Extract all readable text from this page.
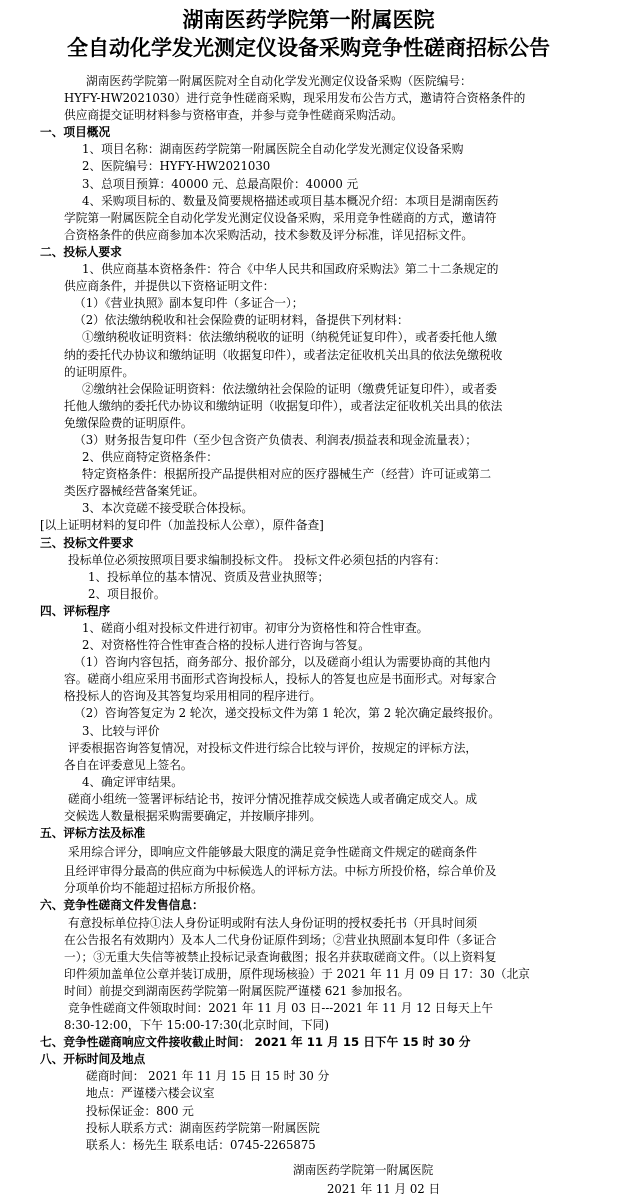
湖南医药学院第一附属医院
全自动化学发光测定仪设备采购竞争性磋商招标公告
湖南医药学院第一附属医院对全自动化学发光测定仪设备采购（医院编号：
HYFY-HW2021030）进行竞争性磋商采购，现采用发布公告方式，邀请符合资格条件的
供应商提交证明材料参与资格审查，并参与竞争性磋商采购活动。
一、项目概况
1、项目名称：湖南医药学院第一附属医院全自动化学发光测定仪设备采购
2、医院编号：HYFY-HW2021030
3、总项目预算：40000 元、总最高限价：40000 元
4、采购项目标的、数量及简要规格描述或项目基本概况介绍：本项目是湖南医药
学院第一附属医院全自动化学发光测定仪设备采购，采用竞争性磋商的方式，邀请符
合资格条件的供应商参加本次采购活动，技术参数及评分标准，详见招标文件。
二、投标人要求
1、供应商基本资格条件：符合《中华人民共和国政府采购法》第二十二条规定的
供应商条件，并提供以下资格证明文件：
（1）《营业执照》副本复印件（多证合一）；
（2）依法缴纳税收和社会保险费的证明材料，备提供下列材料：
①缴纳税收证明资料：依法缴纳税收的证明（纳税凭证复印件），或者委托他人缴
纳的委托代办协议和缴纳证明（收据复印件），或者法定征收机关出具的依法免缴税收
的证明原件。
②缴纳社会保险证明资料：依法缴纳社会保险的证明（缴费凭证复印件），或者委
托他人缴纳的委托代办协议和缴纳证明（收据复印件），或者法定征收机关出具的依法
免缴保险费的证明原件。
（3）财务报告复印件（至少包含资产负债表、利润表/损益表和现金流量表）；
2、供应商特定资格条件：
特定资格条件：根据所投产品提供相对应的医疗器械生产（经营）许可证或第二
类医疗器械经营备案凭证。
3、本次竞磋不接受联合体投标。
[以上证明材料的复印件（加盖投标人公章），原件备查]
三、投标文件要求
投标单位必须按照项目要求编制投标文件。 投标文件必须包括的内容有：
1、投标单位的基本情况、资质及营业执照等；
2、项目报价。
四、评标程序
1、磋商小组对投标文件进行初审。初审分为资格性和符合性审查。
2、对资格性符合性审查合格的投标人进行咨询与答复。
（1）咨询内容包括，商务部分、报价部分，以及磋商小组认为需要协商的其他内
容。磋商小组应采用书面形式咨询投标人，投标人的答复也应是书面形式。对每家合
格投标人的咨询及其答复均采用相同的程序进行。
（2）咨询答复定为 2 轮次，递交投标文件为第 1 轮次，第 2 轮次确定最终报价。
3、比较与评价
评委根据咨询答复情况，对投标文件进行综合比较与评价，按规定的评标方法，
各自在评委意见上签名。
4、确定评审结果。
磋商小组统一签署评标结论书，按评分情况推荐成交候选人或者确定成交人。成
交候选人数量根据采购需要确定，并按顺序排列。
五、评标方法及标准
采用综合评分，即响应文件能够最大限度的满足竞争性磋商文件规定的磋商条件
且经评审得分最高的供应商为中标候选人的评标方法。中标方所投价格，综合单价及
分项单价均不能超过招标方所报价格。
六、竞争性磋商文件发售信息：
有意投标单位持①法人身份证明或附有法人身份证明的授权委托书（开具时间须
在公告报名有效期内）及本人二代身份证原件到场；②营业执照副本复印件（多证合
一）；③无重大失信等被禁止投标记录查询截图；报名并获取磋商文件。（以上资料复
印件须加盖单位公章并装订成册，原件现场核验）于 2021 年 11 月 09 日 17：30（北京
时间）前提交到湖南医药学院第一附属医院严谨楼 621 参加报名。
竞争性磋商文件领取时间：2021 年 11 月 03 日---2021 年 11 月 12 日每天上午
8:30-12:00，下午 15:00-17:30(北京时间，下同)
七、竞争性磋商响应文件接收截止时间： 2021 年 11 月 15 日下午 15 时 30 分
八、开标时间及地点
磋商时间： 2021 年 11 月 15 日 15 时 30 分
地点：严谨楼六楼会议室
投标保证金：800 元
投标人联系方式：湖南医药学院第一附属医院
联系人：杨先生 联系电话：0745-2265875
湖南医药学院第一附属医院
2021 年 11 月 02 日
